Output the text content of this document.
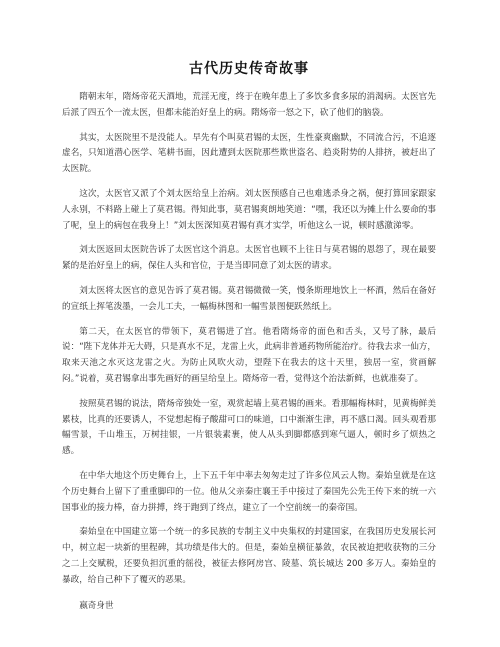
古代历史传奇故事

隋朝末年，隋炀帝花天酒地，荒淫无度，终于在晚年患上了多饮多食多尿的消渴病。太医官先后派了四五个一流太医，但都未能治好皇上的病。隋炀帝一怒之下，砍了他们的脑袋。

其实，太医院里不是没能人。早先有个叫莫君锡的太医，生性豪爽幽默，不同流合污，不追逐虚名，只知道潜心医学、笔耕书面，因此遭到太医院那些欺世盗名、趋炎附势的人排挤，被赶出了太医院。

这次，太医官又派了个刘太医给皇上治病。刘太医预感自己也难逃杀身之祸，便打算回家跟家人永别，不料路上碰上了莫君锡。得知此事，莫君锡爽朗地笑道：“嘿，我还以为摊上什么要命的事了呢，皇上的病包在我身上！”刘太医深知莫君锡有真才实学，听他这么一说，顿时感激涕零。

刘太医返回太医院告诉了太医官这个消息。太医官也顾不上往日与莫君锡的恩怨了，现在最要紧的是治好皇上的病，保住人头和官位，于是当即同意了刘太医的请求。

刘太医将太医官的意见告诉了莫君锡。莫君锡微微一笑，慢条斯理地饮上一杯酒，然后在备好的宣纸上挥笔泼墨，一会儿工夫，一幅梅林图和一幅雪景图便跃然纸上。

第二天，在太医官的带领下，莫君锡进了宫。他看隋炀帝的面色和舌头，又号了脉，最后说：“陛下龙体并无大碍，只是真水不足，龙雷上火，此病非普通药物所能治疗。待我去求一仙方，取来天池之水灭这龙雷之火。为防止风吹火动，望陛下在我去的这十天里，独居一室，赏画解闷。”说着，莫君锡拿出事先画好的画呈给皇上。隋炀帝一看，觉得这个治法新鲜，也就准奏了。

按照莫君锡的说法，隋炀帝独处一室，观赏起墙上莫君锡的画来。看那幅梅林时，见黄梅鲜美累枝，比真的还要诱人，不觉想起梅子酸甜可口的味道，口中渐渐生津，再不感口渴。回头观看那幅雪景，千山堆玉，万树挂银，一片银装素裹，使人从头到脚都感到寒气逼人，顿时乡了烦热之感。

在中华大地这个历史舞台上，上下五千年中率去匆匆走过了许多位风云人物。秦始皇就是在这个历史舞台上留下了重重脚印的一位。他从父亲秦庄襄王手中接过了秦国先公先王传下来的统一六国事业的接力棒，奋力拼搏，终于跑到了终点，建立了一个空前统一的秦帝国。

秦始皇在中国建立第一个统一的多民族的专制主义中央集权的封建国家，在我国历史发展长河中，树立起一块新的里程碑，其功绩是伟大的。但是，秦始皇横征暴敛，农民被迫把收获物的三分之二上交赋税，还要负担沉重的徭役，被征去修阿房宫、陵墓、筑长城达 200 多万人。秦始皇的暴政，给自己种下了覆灭的恶果。

嬴奇身世
